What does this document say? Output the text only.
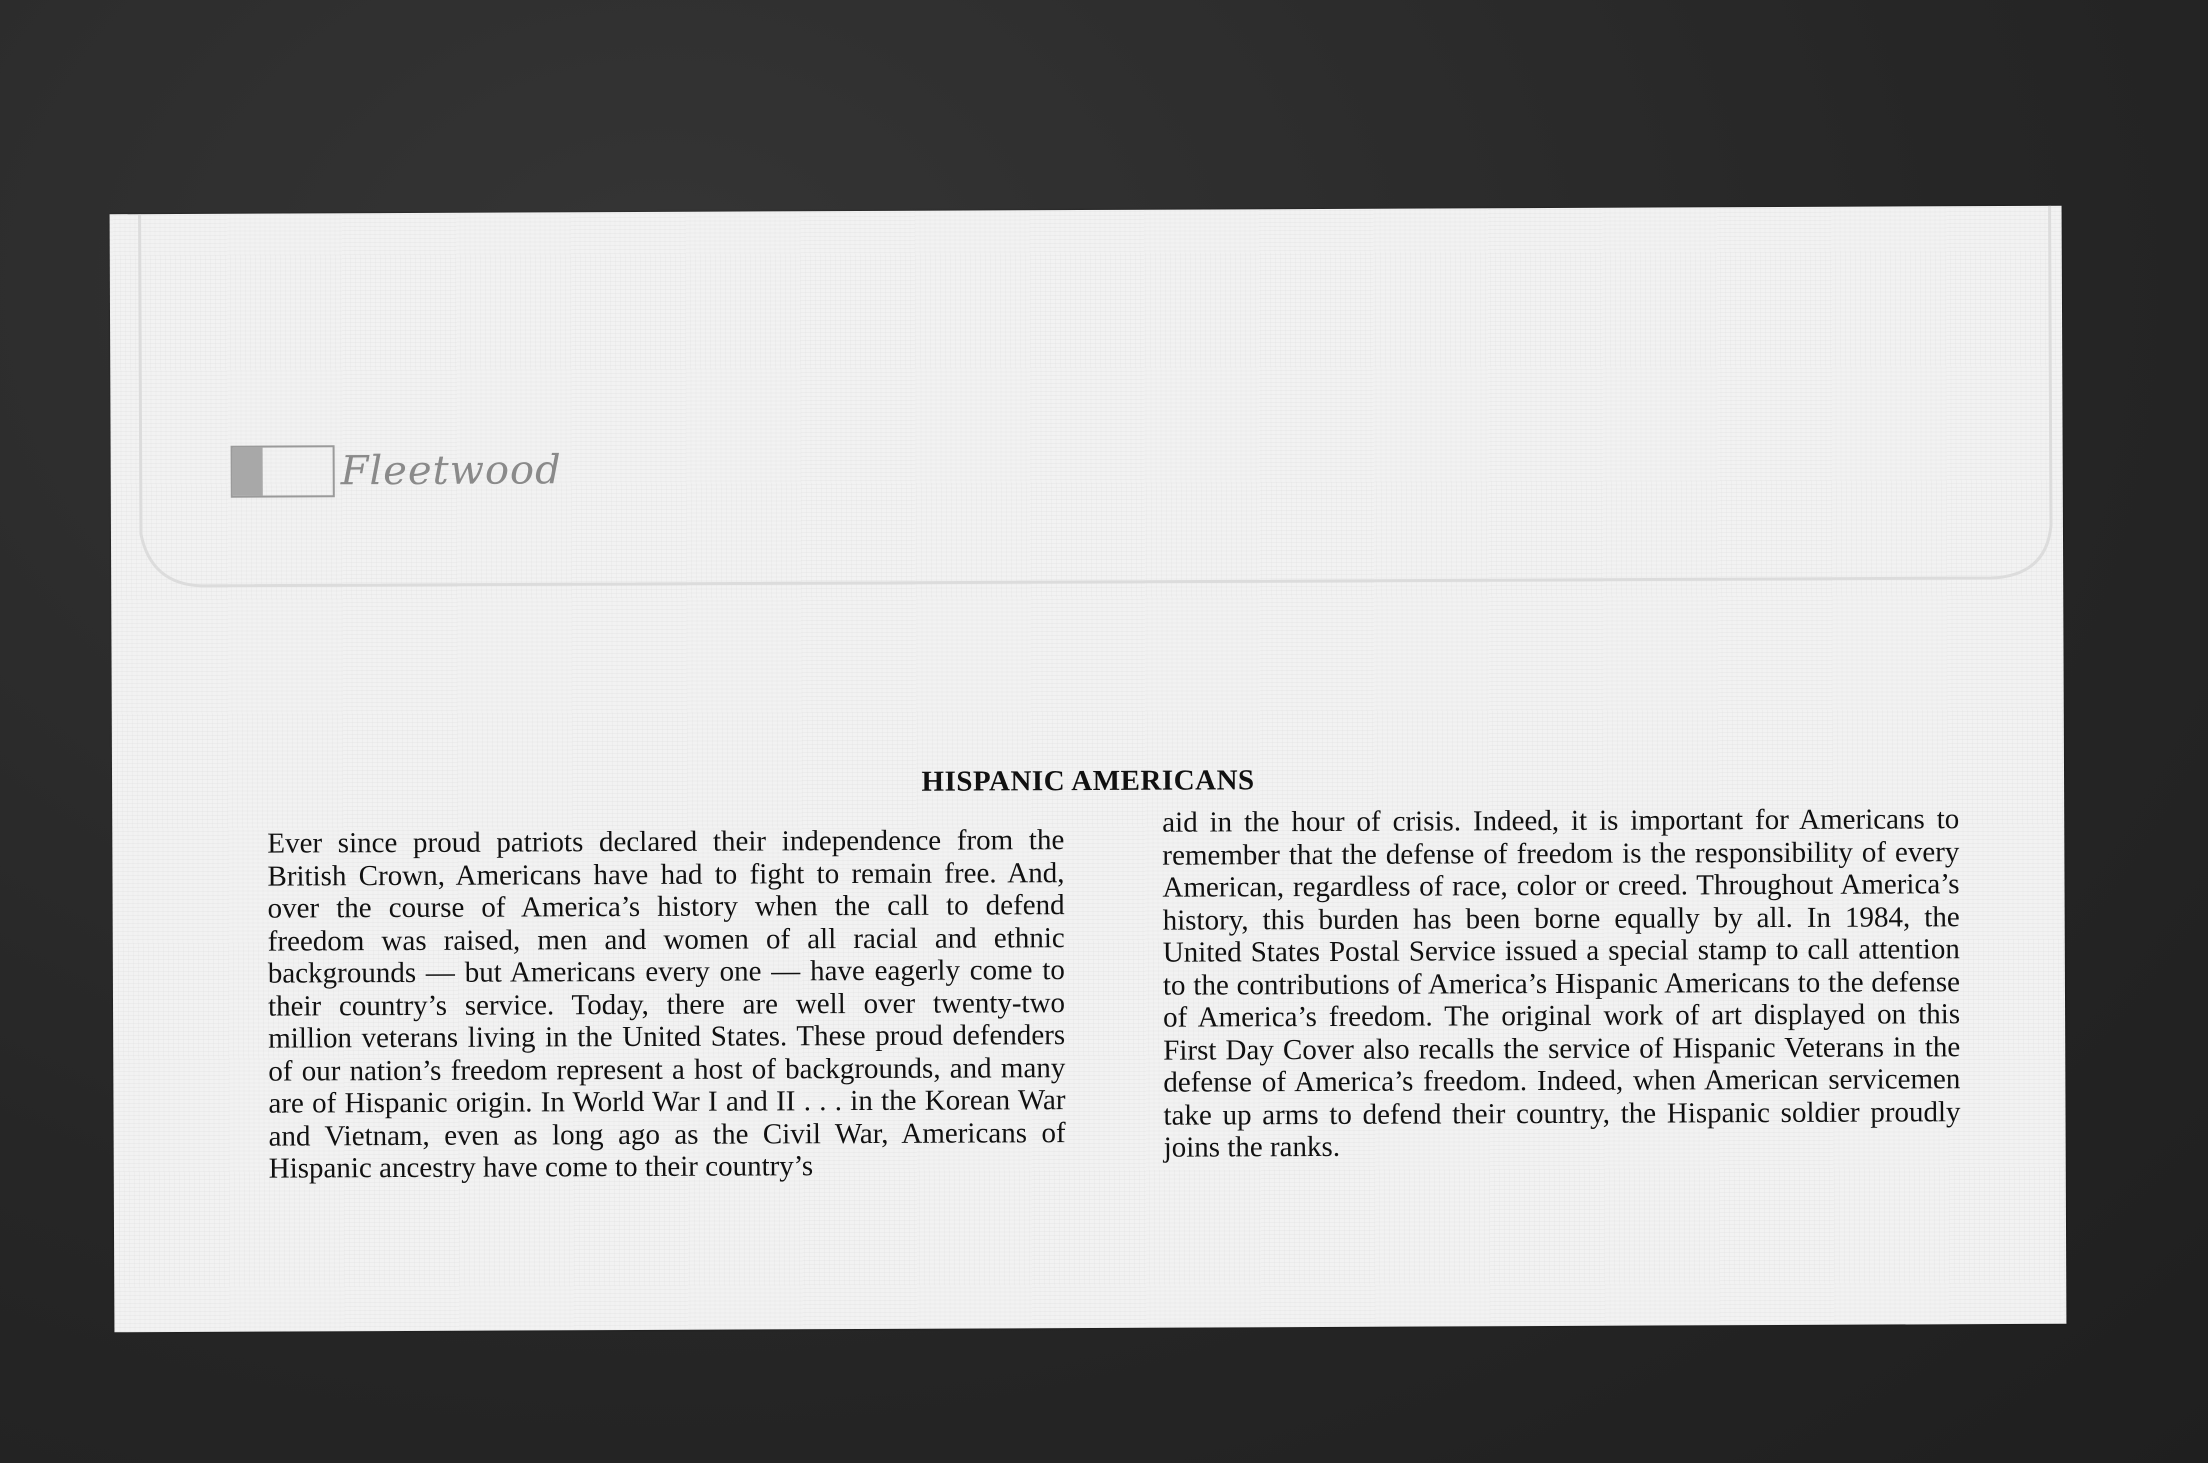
Fleetwood
HISPANIC AMERICANS
Ever since proud patriots declared their independence from the British Crown, Americans have had to fight to remain free. And, over the course of America’s history when the call to defend freedom was raised, men and women of all racial and ethnic backgrounds — but Americans every one — have eagerly come to their country’s service. Today, there are well over twenty-two million veterans living in the United States. These proud defenders of our nation’s freedom represent a host of backgrounds, and many are of Hispanic origin. In World War I and II . . . in the Korean War and Vietnam, even as long ago as the Civil War, Americans of Hispanic ancestry have come to their country’s
aid in the hour of crisis. Indeed, it is important for Americans to remember that the defense of freedom is the responsibility of every American, regardless of race, color or creed. Throughout America’s history, this burden has been borne equally by all. In 1984, the United States Postal Service issued a special stamp to call attention to the contributions of America’s Hispanic Americans to the defense of America’s freedom. The original work of art displayed on this First Day Cover also recalls the service of Hispanic Veterans in the defense of America’s freedom. Indeed, when American servicemen take up arms to defend their country, the Hispanic soldier proudly joins the ranks.
